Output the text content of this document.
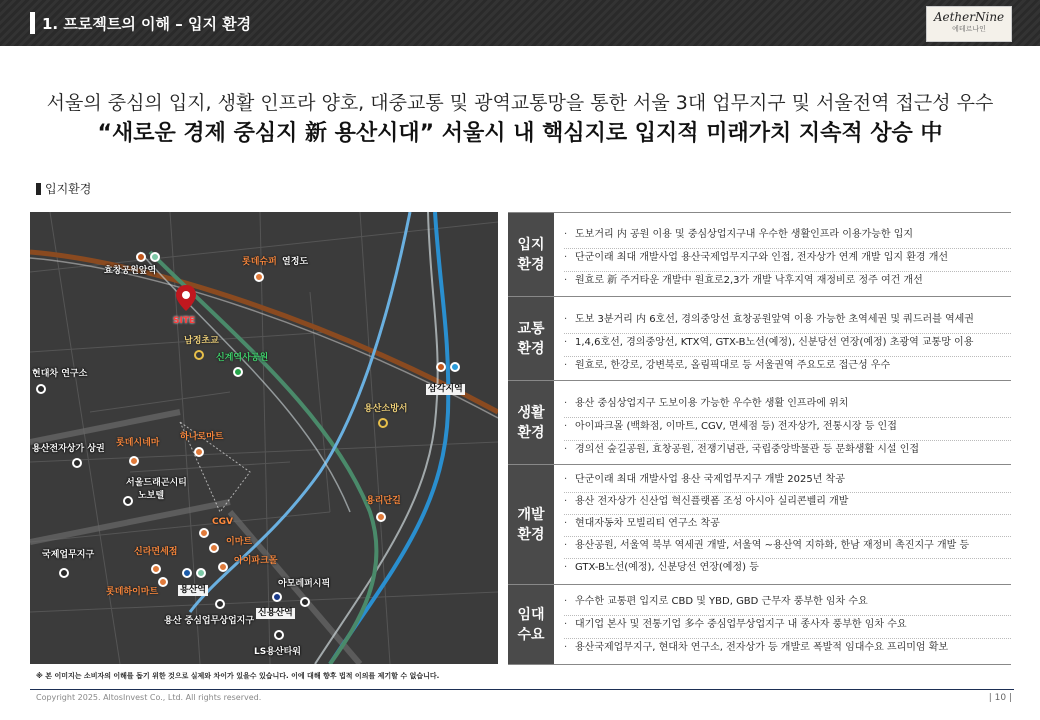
1. 프로젝트의 이해 – 입지 환경	AetherNine
에테르나인
서울의 중심의 입지, 생활 인프라 양호, 대중교통 및 광역교통망을 통한 서울 3대 업무지구 및 서울전역 접근성 우수
“새로운 경제 중심지 新 용산시대” 서울시 내 핵심지로 입지적 미래가치 지속적 상승 中
입지환경
효창공원앞역
롯데슈퍼 열정도
SITE
남정초교
신계역사공원
현대차 연구소
삼각지역
용산소방서
용산전자상가 상권
롯데시네마
하나로마트
서울드래곤시티
노보텔	용리단길
CGV
이마트
신라면세점
아이파크몰
국제업무지구
롯데하이마트 용산역
아모레퍼시픽
용산 중심업무상업지구
신용산역
LS용산타워
입지
환경
· 도보거리 内 공원 이용 및 중심상업지구내 우수한 생활인프라 이용가능한 입지
· 단군이래 최대 개발사업 용산국제업무지구와 인접, 전자상가 연계 개발 입지 환경 개선
· 원효로 新 주거타운 개발中 원효로2,3가 개발 낙후지역 재정비로 정주 여건 개선
교통
환경
· 도보 3분거리 内 6호선, 경의중앙선 효창공원앞역 이용 가능한 초역세권 및 쿼드러블 역세권
· 1,4,6호선, 경의중앙선, KTX역, GTX-B노선(예정), 신분당선 연장(예정) 초광역 교통망 이용
· 원효로, 한강로, 강변북로, 올림픽대로 등 서울권역 주요도로 접근성 우수
생활
환경
· 용산 중심상업지구 도보이용 가능한 우수한 생활 인프라에 위치
· 아이파크몰 (백화점, 이마트, CGV, 면세점 등) 전자상가, 전통시장 등 인접
· 경의선 숲길공원, 효창공원, 전쟁기념관, 국립중앙박물관 등 문화생활 시설 인접
개발
환경
· 단군이래 최대 개발사업 용산 국제업무지구 개발 2025년 착공
· 용산 전자상가 신산업 혁신플랫폼 조성 아시아 실리콘벨리 개발
· 현대자동차 모빌리티 연구소 착공
· 용산공원, 서울역 북부 역세권 개발, 서울역 ~용산역 지하화, 한남 재정비 촉진지구 개발 등
· GTX-B노선(예정), 신분당선 연장(예정) 등
임대
수요
· 우수한 교통편 입지로 CBD 및 YBD, GBD 근무자 풍부한 임차 수요
· 대기업 본사 및 전통기업 多수 중심업무상업지구 내 종사자 풍부한 임차 수요
· 용산국제업무지구, 현대차 연구소, 전자상가 등 개발로 폭발적 임대수요 프리미엄 확보
※ 본 이미지는 소비자의 이해를 돕기 위한 것으로 실제와 차이가 있을수 있습니다. 이에 대해 향후 법적 이의를 제기할 수 없습니다.
Copyright 2025. AltosInvest Co., Ltd. All rights reserved.	| 10 |
